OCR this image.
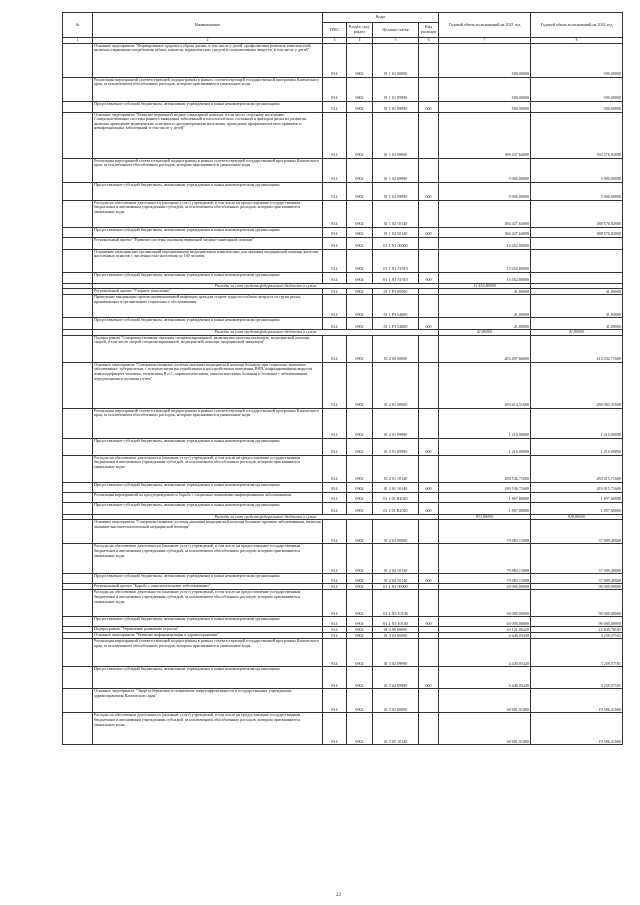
№	Наименование	Коды				Годовой объем ассигнований на 2021 год	Годовой объем ассигнований на 2022 год
		ГРБС	Раздел, под-раздел	Целевая статья	Вид расходов		
1	2	3	4	5	6	7	8
	Основное мероприятие "Формирование здорового образа жизни, в том числе у детей, профилактика развития зависимостей, включая сокращение потребления табака, алкоголя, наркотических средств и психоактивных веществ, в том числе у детей"	814	0902	01 1 01 00000		500,00000	500,00000
	Реализация мероприятий соответствующей подпрограммы в рамках соответствующей государственной программы Камчатского края, за исключением обособленных расходов, которым присваиваются уникальные коды	814	0902	01 1 01 09990		500,00000	500,00000
	Предоставление субсидий бюджетным, автономным учреждениям и иным некоммерческим организациям	814	0902	01 1 01 09990	600	500,00000	500,00000
	Основное мероприятие "Развитие первичной медико-санитарной помощи, в том числе сельскому населению. Совершенствование системы раннего выявления заболеваний и патологических состояний и факторов риска их развития, включая проведение медицинских осмотров и диспансеризации населения, проведение профилактических прививок и неинфекционных заболеваний, в том числе у детей"	814	0902	01 1 02 00000		389 437,64000	393 576,82000
	Реализация мероприятий соответствующей подпрограммы в рамках соответствующей государственной программы Камчатского края, за исключением обособленных расходов, которым присваиваются уникальные коды	814	0902	01 1 02 09990		5 000,00000	5 000,00000
	Предоставление субсидий бюджетным, автономным учреждениям и иным некоммерческим организациям	814	0902	01 1 02 09990	600	5 000,00000	5 000,00000
	Расходы на обеспечение деятельности (оказание услуг) учреждений, в том числе на предоставление государственным бюджетным и автономным учреждениям субсидий, за исключением обособленных расходов, которым присваиваются уникальные коды	814	0902	01 1 02 10140		384 437,64000	388 576,82000
	Предоставление субсидий бюджетным, автономным учреждениям и иным некоммерческим организациям	814	0902	01 1 02 10140	600	384 437,64000	388 576,82000
	Региональный проект "Развитие системы оказания первичной медико-санитарной помощи"	814	0902	01 1 N1 00000		13 452,80000	
	Оснащение медицинских организаций передвижными медицинскими комплексами для оказания медицинской помощи жителям населенных пунктов с численностью населения до 100 человек	814	0902	01 1 N1 51910		13 452,80000	
	Предоставление субсидий бюджетным, автономным учреждениям и иным некоммерческим организациям	814	0902	01 1 N1 51910	600	13 452,80000	
	Расходы за счет средств федерального бюджета в сумме					13 452,80000	
	Региональный проект "Старшее поколение"	814	0902	01 1 P3 00000		41,80000	41,80000
	Проведение вакцинации против пневмококковой инфекции граждан старше трудоспособного возраста из групп риска, проживающих в организациях социального обслуживания	814	0902	01 1 P3 54680		41,80000	41,80000
	Предоставление субсидий бюджетным, автономным учреждениям и иным некоммерческим организациям	814	0902	01 1 P3 54680	600	41,80000	41,80000
	Расходы за счет средств федерального бюджета в сумме					41,80000	41,80000
	Подпрограмма "Совершенствование оказания специализированной, включая высокотехнологичную, медицинской помощи, скорой, в том числе скорой специализированной, медицинской помощи, медицинской эвакуации"	814	0902	01 2 00 00000		403 497,66600	413 032,71600
	Основное мероприятие "Совершенствование системы оказания медицинской помощи больным при социально-значимых заболеваниях: туберкулезом, с психическими расстройствами и расстройствами поведения, ВИЧ, инфицированным вирусом иммунодефицита человека, гепатитами В и С, наркологическими, онкологическими больным и больным с заболеваниями, передающимися половым путем"	814	0902	01 2 01 00000		283 614,51600	286 083,31600
	Реализация мероприятий соответствующей подпрограммы в рамках соответствующей государственной программы Камчатского края, за исключением обособленных расходов, которым присваиваются уникальные коды	814	0902	01 2 01 09990		1 210,00000	1 210,00000
	Предоставление субсидий бюджетным, автономным учреждениям и иным некоммерческим организациям	814	0902	01 2 01 09990	600	1 210,00000	1 210,00000
	Расходы на обеспечение деятельности (оказание услуг) учреждений, в том числе на предоставление государственным бюджетным и автономным учреждениям субсидий, за исключением обособленных расходов, которым присваиваются уникальные коды	814	0902	01 2 01 10140		280 536,71600	283 015,71600
	Предоставление субсидий бюджетным, автономным учреждениям и иным некоммерческим организациям	814	0902	01 2 01 10140	600	280 536,71600	283 015,71600
	Реализация мероприятий по предупреждению и борьбе с социально значимыми инфекционными заболеваниями	814	0902	01 2 01 R2020		1 867,80000	1 857,60000
	Предоставление субсидий бюджетным, автономным учреждениям и иным некоммерческим организациям	814	0902	01 2 01 R2020	600	1 867,80000	1 857,60000
	Расходы за счет средств федерального бюджета в сумме					933,80000	928,80000
	Основное мероприятие "Совершенствование системы оказания медицинской помощи больным прочими заболеваниями, включая оказание высокотехнологичной медицинской помощи"	814	0902	01 2 02 00000		79 883,15000	57 009,40000
	Расходы на обеспечение деятельности (оказание услуг) учреждений, в том числе на предоставление государственным бюджетным и автономным учреждениям субсидий, за исключением обособленных расходов, которым присваиваются уникальные коды	814	0902	01 2 02 10140		79 883,15000	57 009,40000
	Предоставление субсидий бюджетным, автономным учреждениям и иным некоммерческим организациям	814	0902	01 2 02 10140	600	79 883,15000	57 009,40000
	Региональный проект "Борьба с онкологическими заболеваниями"	814	0902	01 2 N3 00000		40 000,00000	90 000,00000
	Расходы на обеспечение деятельности (оказание услуг) учреждений, в том числе на предоставление государственным бюджетным и автономным учреждениям субсидий, за исключением обособленных расходов, которым присваиваются уникальные коды	814	0902	01 2 N3 10140		40 000,00000	90 000,00000
	Предоставление субсидий бюджетным, автономным учреждениям и иным некоммерческим организациям	814	0902	01 2 N3 10140	600	40 000,00000	90 000,00000
	Подпрограмма "Управление развитием отрасли"	814	0902	01 3 00 00000		43 121,06420	22 845,78181
	Основное мероприятие "Развитие информатизации в здравоохранении"	814	0902	01 3 02 00000		4 440,05420	3 259,57181
	Реализация мероприятий соответствующей подпрограммы в рамках соответствующей государственной программы Камчатского края, за исключением обособленных расходов, которым присваиваются уникальные коды	814	0902	01 3 02 09990		4 440,05420	3 259,57181
	Предоставление субсидий бюджетным, автономным учреждениям и иным некоммерческим организациям	814	0902	01 3 02 09990	600	4 440,05420	3 259,57181
	Основное мероприятие "Энергосбережение и повышение энергоэффективности в государственных учреждениях здравоохранения Камчатского края"	814	0902	01 3 05 00000		38 681,01000	19 586,21000
	Расходы на обеспечение деятельности (оказание услуг) учреждений, в том числе на предоставление государственным бюджетным и автономным учреждениям субсидий, за исключением обособленных расходов, которым присваиваются уникальные коды	814	0902	01 3 05 10140		38 681,01000	19 586,21000
·
22
